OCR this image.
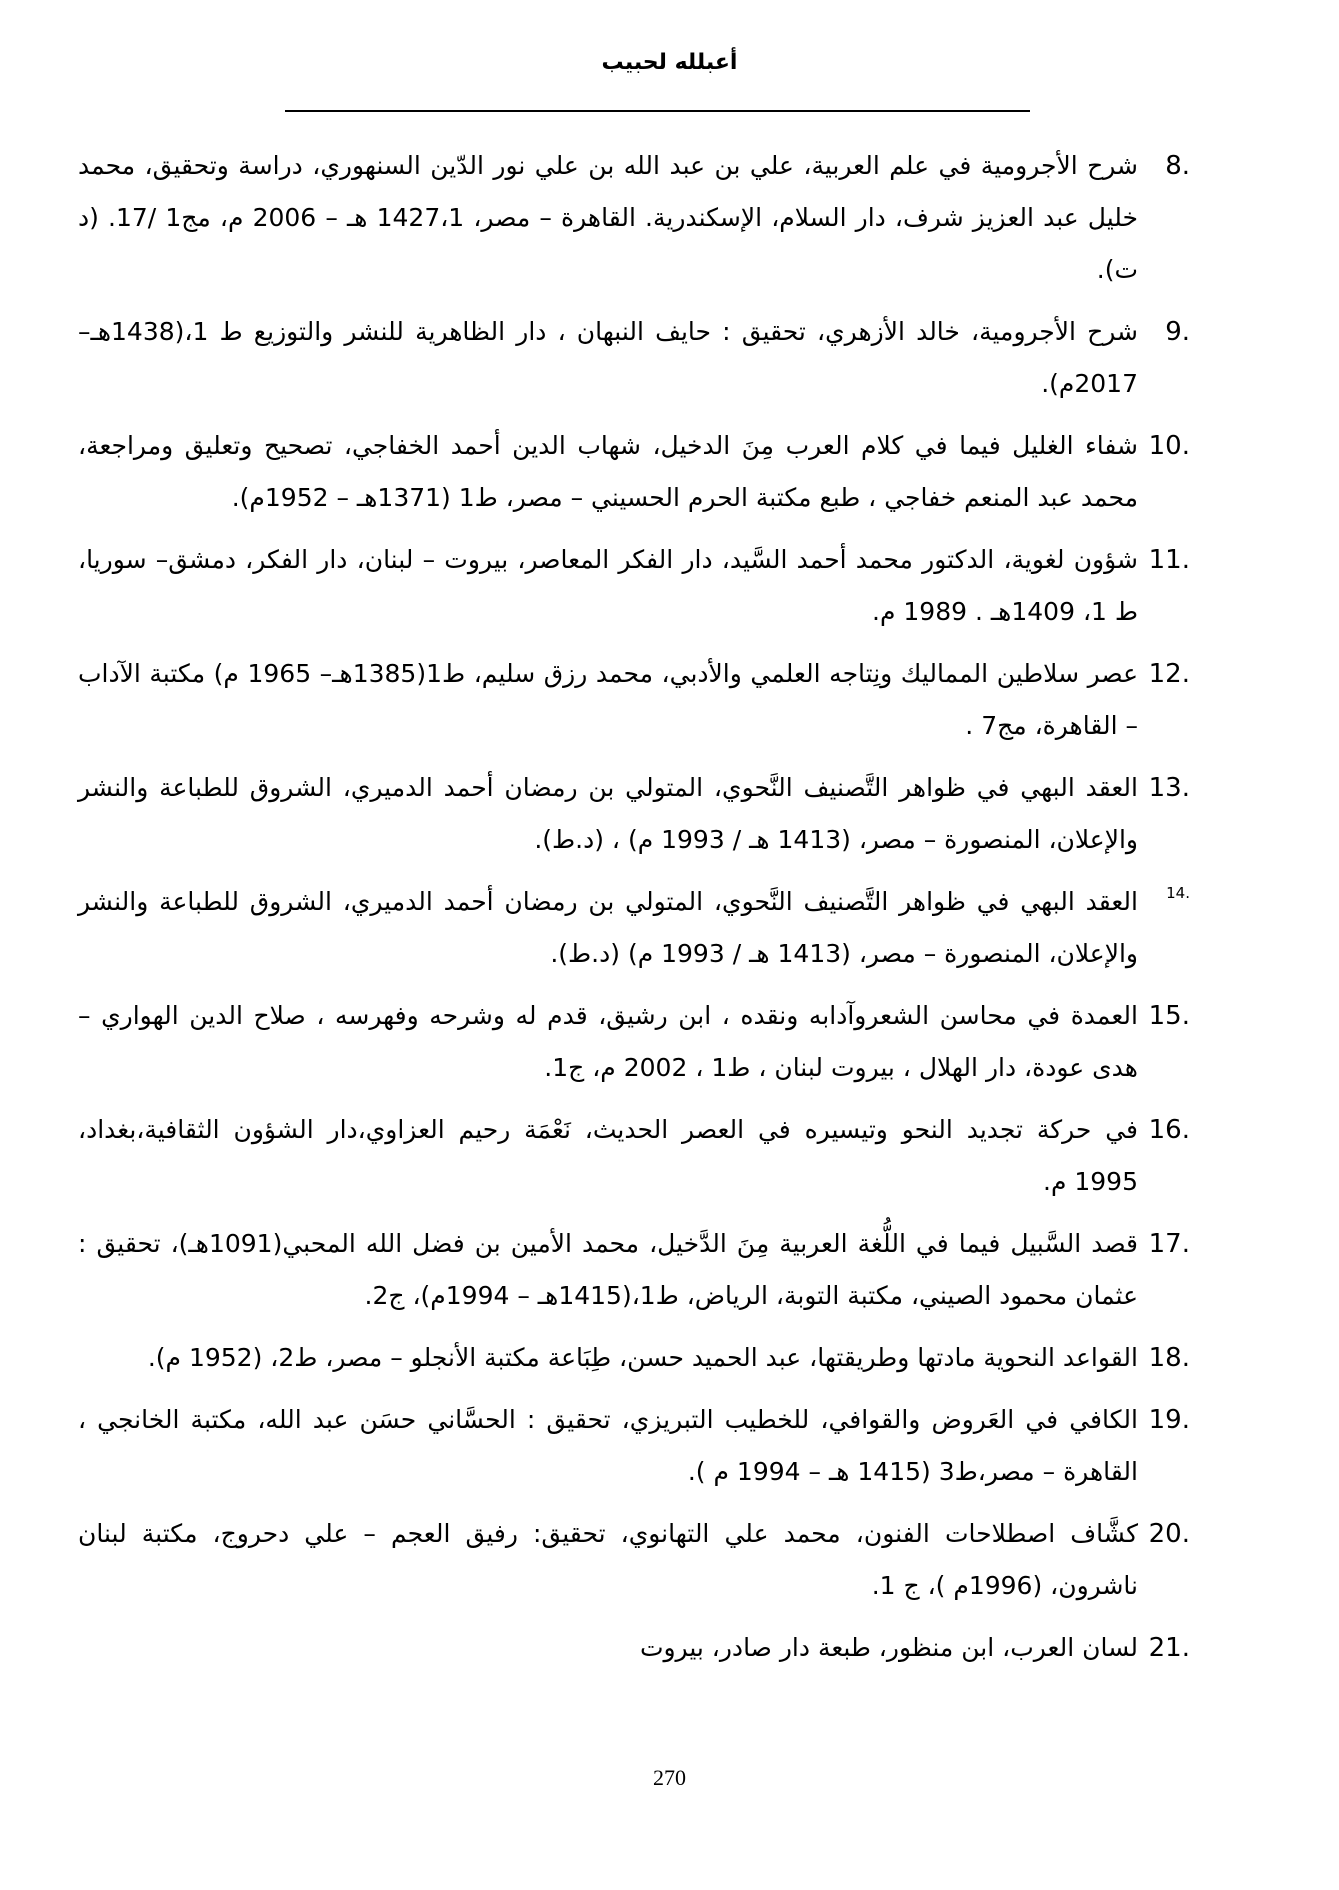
أعبلله لحبيب
8.
شرح الأجرومية في علم العربية، علي بن عبد الله بن علي نور الدّين السنهوري، دراسة وتحقيق، محمد خليل عبد العزيز شرف، دار السلام، الإسكندرية. القاهرة – مصر، 1427،1 هـ – 2006 م، مج1 /17. (د ت).
9.
شرح الأجرومية، خالد الأزهري، تحقيق : حايف النبهان ، دار الظاهرية للنشر والتوزيع ط 1،(1438هـ– 2017م).
10.
شفاء الغليل فيما في كلام العرب مِنَ الدخيل، شهاب الدين أحمد الخفاجي، تصحيح وتعليق ومراجعة، محمد عبد المنعم خفاجي ، طبع مكتبة الحرم الحسيني – مصر، ط1 (1371هـ – 1952م).
11.
شؤون لغوية، الدكتور محمد أحمد السَّيد، دار الفكر المعاصر، بيروت – لبنان، دار الفكر، دمشق– سوريا، ط 1، 1409هـ . 1989 م.
12.
عصر سلاطين المماليك ونِتاجه العلمي والأدبي، محمد رزق سليم، ط1(1385هـ– 1965 م) مكتبة الآداب – القاهرة، مج7 .
13.
العقد البهي في ظواهر التَّصنيف النَّحوي، المتولي بن رمضان أحمد الدميري، الشروق للطباعة والنشر والإعلان، المنصورة – مصر، (1413 هـ / 1993 م) ، (د.ط).
14.
العقد البهي في ظواهر التَّصنيف النَّحوي، المتولي بن رمضان أحمد الدميري، الشروق للطباعة والنشر والإعلان، المنصورة – مصر، (1413 هـ / 1993 م) (د.ط).
15.
العمدة في محاسن الشعروآدابه ونقده ، ابن رشيق، قدم له وشرحه وفهرسه ، صلاح الدين الهواري – هدى عودة، دار الهلال ، بيروت لبنان ، ط1 ، 2002 م، ج1.
16.
في حركة تجديد النحو وتيسيره في العصر الحديث، نَعْمَة رحيم العزاوي،دار الشؤون الثقافية،بغداد، 1995 م.
17.
قصد السَّبيل فيما في اللُّغة العربية مِنَ الدَّخيل، محمد الأمين بن فضل الله المحبي(1091هـ)، تحقيق : عثمان محمود الصيني، مكتبة التوبة، الرياض، ط1،(1415هـ – 1994م)، ج2.
18.
القواعد النحوية مادتها وطريقتها، عبد الحميد حسن، طِبَاعة مكتبة الأنجلو – مصر، ط2، (1952 م).
19.
الكافي في العَروض والقوافي، للخطيب التبريزي، تحقيق : الحسَّاني حسَن عبد الله، مكتبة الخانجي ، القاهرة – مصر،ط3 (1415 هـ – 1994 م ).
20.
كشَّاف اصطلاحات الفنون، محمد علي التهانوي، تحقيق: رفيق العجم – علي دحروج، مكتبة لبنان ناشرون، (1996م )، ج 1.
21.
لسان العرب، ابن منظور، طبعة دار صادر، بيروت
270
